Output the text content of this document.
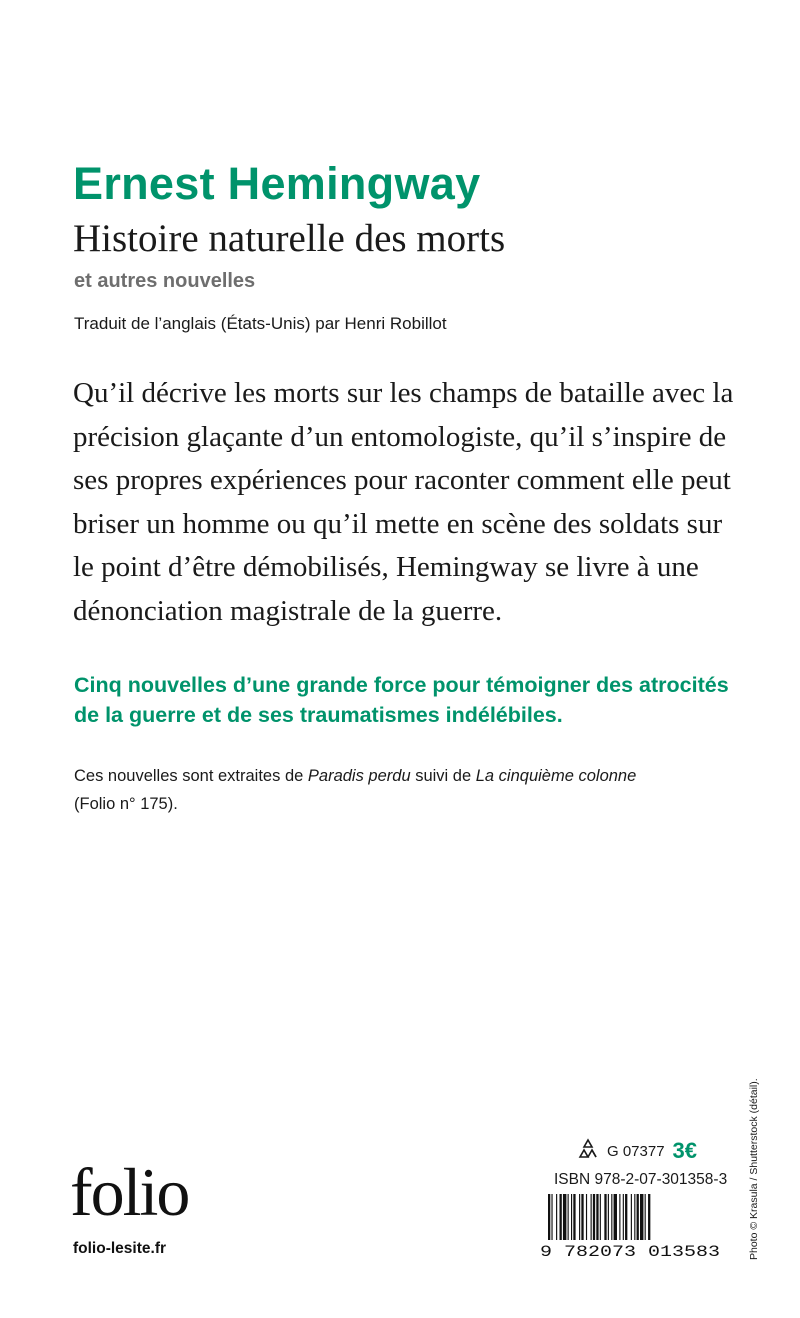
Ernest Hemingway
Histoire naturelle des morts
et autres nouvelles
Traduit de l’anglais (États-Unis) par Henri Robillot

Qu’il décrive les morts sur les champs de bataille avec la
précision glaçante d’un entomologiste, qu’il s’inspire de
ses propres expériences pour raconter comment elle peut
briser un homme ou qu’il mette en scène des soldats sur
le point d’être démobilisés, Hemingway se livre à une
dénonciation magistrale de la guerre.

Cinq nouvelles d’une grande force pour témoigner des atrocités
de la guerre et de ses traumatismes indélébiles.

Ces nouvelles sont extraites de Paradis perdu suivi de La cinquième colonne
(Folio n° 175).

folio
folio-lesite.fr
G 07377 3€
ISBN 978-2-07-301358-3
9 782073 013583	Photo © Krasula / Shutterstock (détail).
